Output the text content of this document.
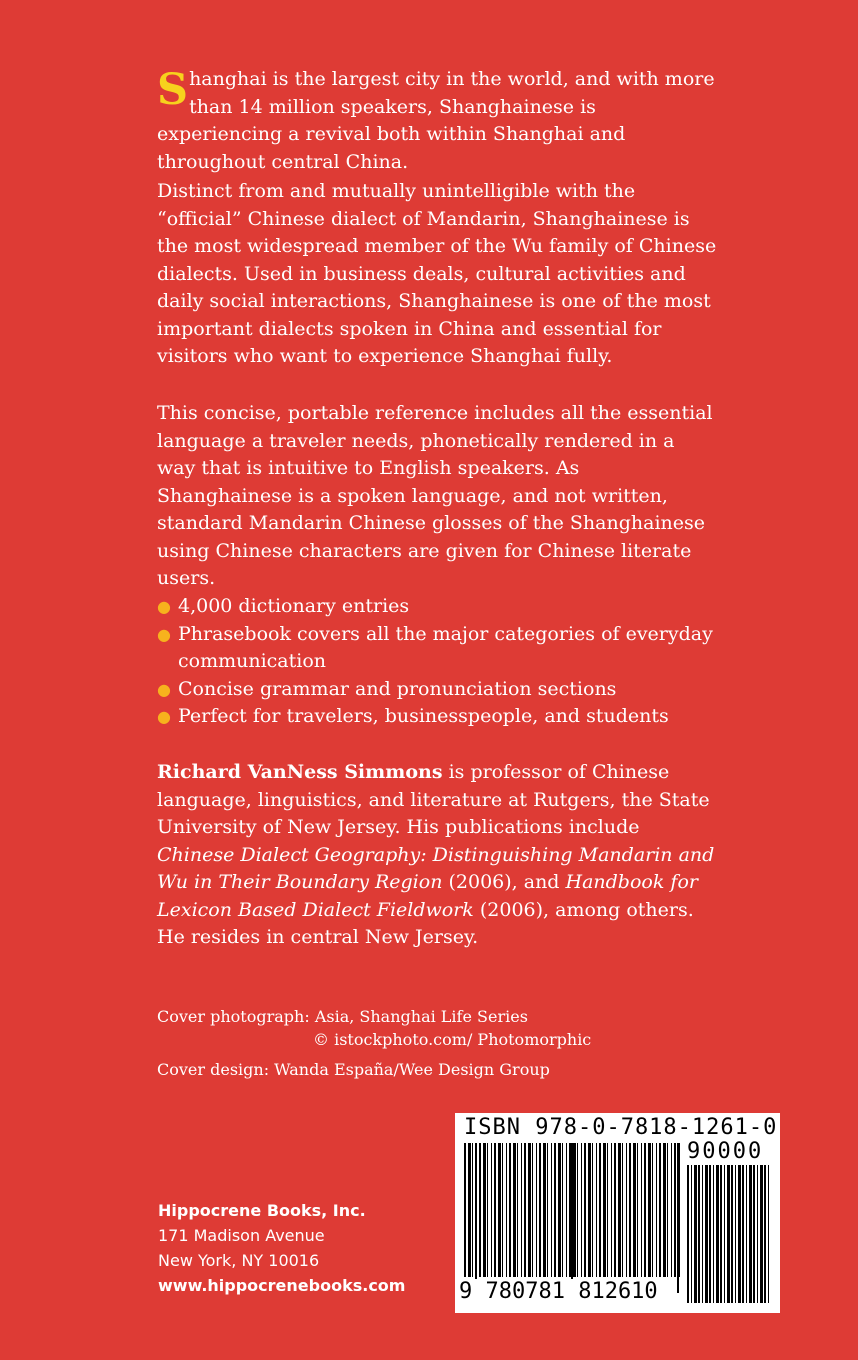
Shanghai is the largest city in the world, and with more than 14 million speakers, Shanghainese is experiencing a revival both within Shanghai and throughout central China.

Distinct from and mutually unintelligible with the “official” Chinese dialect of Mandarin, Shanghainese is the most widespread member of the Wu family of Chinese dialects. Used in business deals, cultural activities and daily social interactions, Shanghainese is one of the most important dialects spoken in China and essential for visitors who want to experience Shanghai fully.

This concise, portable reference includes all the essential language a traveler needs, phonetically rendered in a way that is intuitive to English speakers. As Shanghainese is a spoken language, and not written, standard Mandarin Chinese glosses of the Shanghainese using Chinese characters are given for Chinese literate users.

● 4,000 dictionary entries
● Phrasebook covers all the major categories of everyday communication
● Concise grammar and pronunciation sections
● Perfect for travelers, businesspeople, and students

Richard VanNess Simmons is professor of Chinese language, linguistics, and literature at Rutgers, the State University of New Jersey. His publications include Chinese Dialect Geography: Distinguishing Mandarin and Wu in Their Boundary Region (2006), and Handbook for Lexicon Based Dialect Fieldwork (2006), among others. He resides in central New Jersey.

Cover photograph: Asia, Shanghai Life Series
© istockphoto.com/ Photomorphic
Cover design: Wanda España/Wee Design Group
Hippocrene Books, Inc.
171 Madison Avenue
New York, NY 10016
www.hippocrenebooks.com
ISBN 978-0-7818-1261-0
90000
9 780781 812610
